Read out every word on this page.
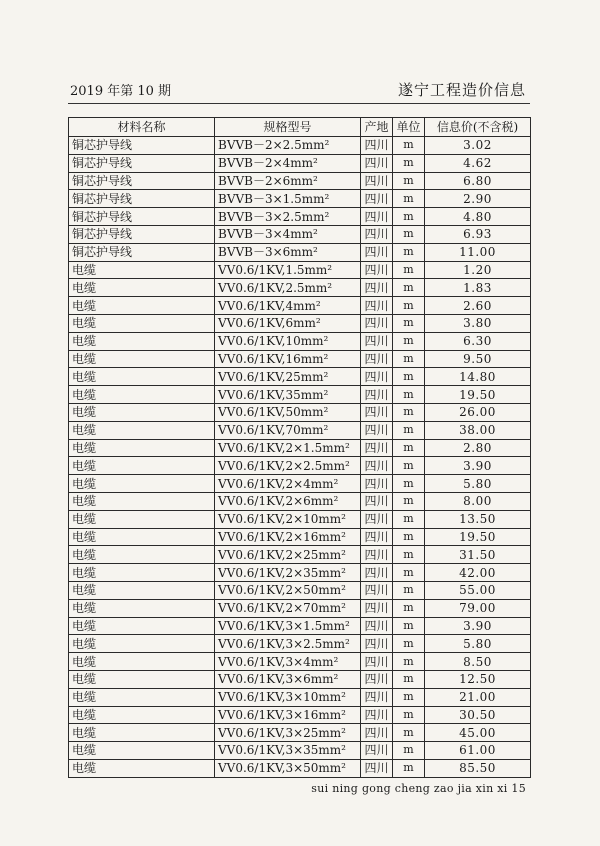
2019 年第 10 期	遂宁工程造价信息
材料名称	规格型号	产地	单位	信息价(不含税)
铜芯护导线	BVVB－2×2.5mm²	四川	m	3.02
铜芯护导线	BVVB－2×4mm²	四川	m	4.62
铜芯护导线	BVVB－2×6mm²	四川	m	6.80
铜芯护导线	BVVB－3×1.5mm²	四川	m	2.90
铜芯护导线	BVVB－3×2.5mm²	四川	m	4.80
铜芯护导线	BVVB－3×4mm²	四川	m	6.93
铜芯护导线	BVVB－3×6mm²	四川	m	11.00
电缆	VV0.6/1KV,1.5mm²	四川	m	1.20
电缆	VV0.6/1KV,2.5mm²	四川	m	1.83
电缆	VV0.6/1KV,4mm²	四川	m	2.60
电缆	VV0.6/1KV,6mm²	四川	m	3.80
电缆	VV0.6/1KV,10mm²	四川	m	6.30
电缆	VV0.6/1KV,16mm²	四川	m	9.50
电缆	VV0.6/1KV,25mm²	四川	m	14.80
电缆	VV0.6/1KV,35mm²	四川	m	19.50
电缆	VV0.6/1KV,50mm²	四川	m	26.00
电缆	VV0.6/1KV,70mm²	四川	m	38.00
电缆	VV0.6/1KV,2×1.5mm²	四川	m	2.80
电缆	VV0.6/1KV,2×2.5mm²	四川	m	3.90
电缆	VV0.6/1KV,2×4mm²	四川	m	5.80
电缆	VV0.6/1KV,2×6mm²	四川	m	8.00
电缆	VV0.6/1KV,2×10mm²	四川	m	13.50
电缆	VV0.6/1KV,2×16mm²	四川	m	19.50
电缆	VV0.6/1KV,2×25mm²	四川	m	31.50
电缆	VV0.6/1KV,2×35mm²	四川	m	42.00
电缆	VV0.6/1KV,2×50mm²	四川	m	55.00
电缆	VV0.6/1KV,2×70mm²	四川	m	79.00
电缆	VV0.6/1KV,3×1.5mm²	四川	m	3.90
电缆	VV0.6/1KV,3×2.5mm²	四川	m	5.80
电缆	VV0.6/1KV,3×4mm²	四川	m	8.50
电缆	VV0.6/1KV,3×6mm²	四川	m	12.50
电缆	VV0.6/1KV,3×10mm²	四川	m	21.00
电缆	VV0.6/1KV,3×16mm²	四川	m	30.50
电缆	VV0.6/1KV,3×25mm²	四川	m	45.00
电缆	VV0.6/1KV,3×35mm²	四川	m	61.00
电缆	VV0.6/1KV,3×50mm²	四川	m	85.50
sui ning gong cheng zao jia xin xi 15
